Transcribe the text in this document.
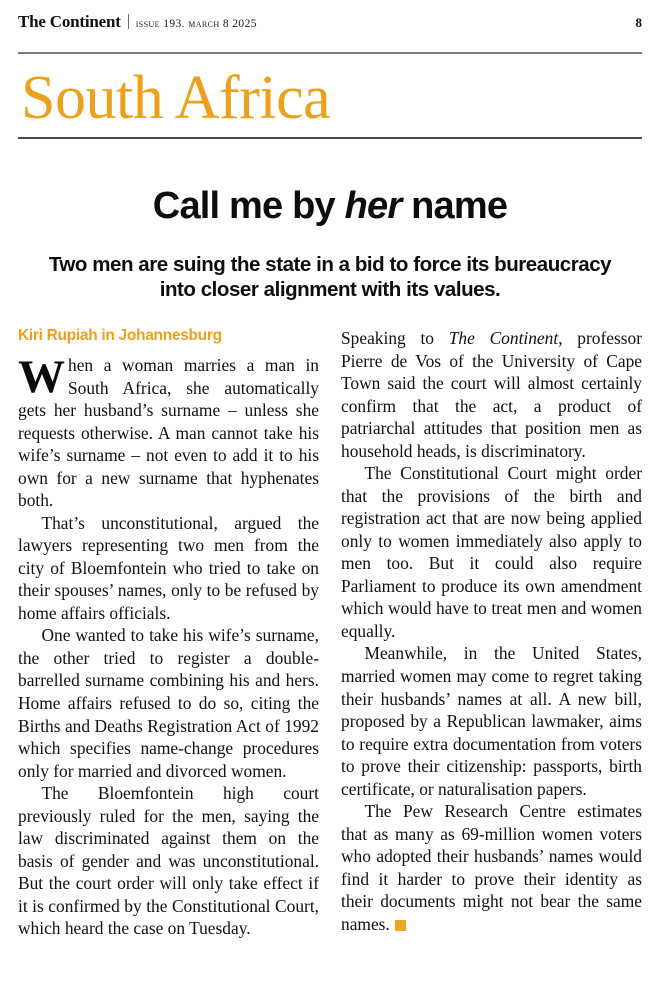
The Continent issue 193. march 8 2025	8
South Africa
Call me by her name
Two men are suing the state in a bid to force its bureaucracy into closer alignment with its values.
Kiri Rupiah in Johannesburg

When a woman marries a man in South Africa, she automatically gets her husband’s surname – unless she requests otherwise. A man cannot take his wife’s surname – not even to add it to his own for a new surname that hyphenates both.

That’s unconstitutional, argued the lawyers representing two men from the city of Bloemfontein who tried to take on their spouses’ names, only to be refused by home affairs officials.

One wanted to take his wife’s surname, the other tried to register a double-barrelled surname combining his and hers. Home affairs refused to do so, citing the Births and Deaths Registration Act of 1992 which specifies name-change procedures only for married and divorced women.

The Bloemfontein high court previously ruled for the men, saying the law discriminated against them on the basis of gender and was unconstitutional. But the court order will only take effect if it is confirmed by the Constitutional Court, which heard the case on Tuesday.

Speaking to The Continent, professor Pierre de Vos of the University of Cape Town said the court will almost certainly confirm that the act, a product of patriarchal attitudes that position men as household heads, is discriminatory.

The Constitutional Court might order that the provisions of the birth and registration act that are now being applied only to women immediately also apply to men too. But it could also require Parliament to produce its own amendment which would have to treat men and women equally.

Meanwhile, in the United States, married women may come to regret taking their husbands’ names at all. A new bill, proposed by a Republican lawmaker, aims to require extra documentation from voters to prove their citizenship: passports, birth certificate, or naturalisation papers.

The Pew Research Centre estimates that as many as 69-million women voters who adopted their husbands’ names would find it harder to prove their identity as their documents might not bear the same names.
